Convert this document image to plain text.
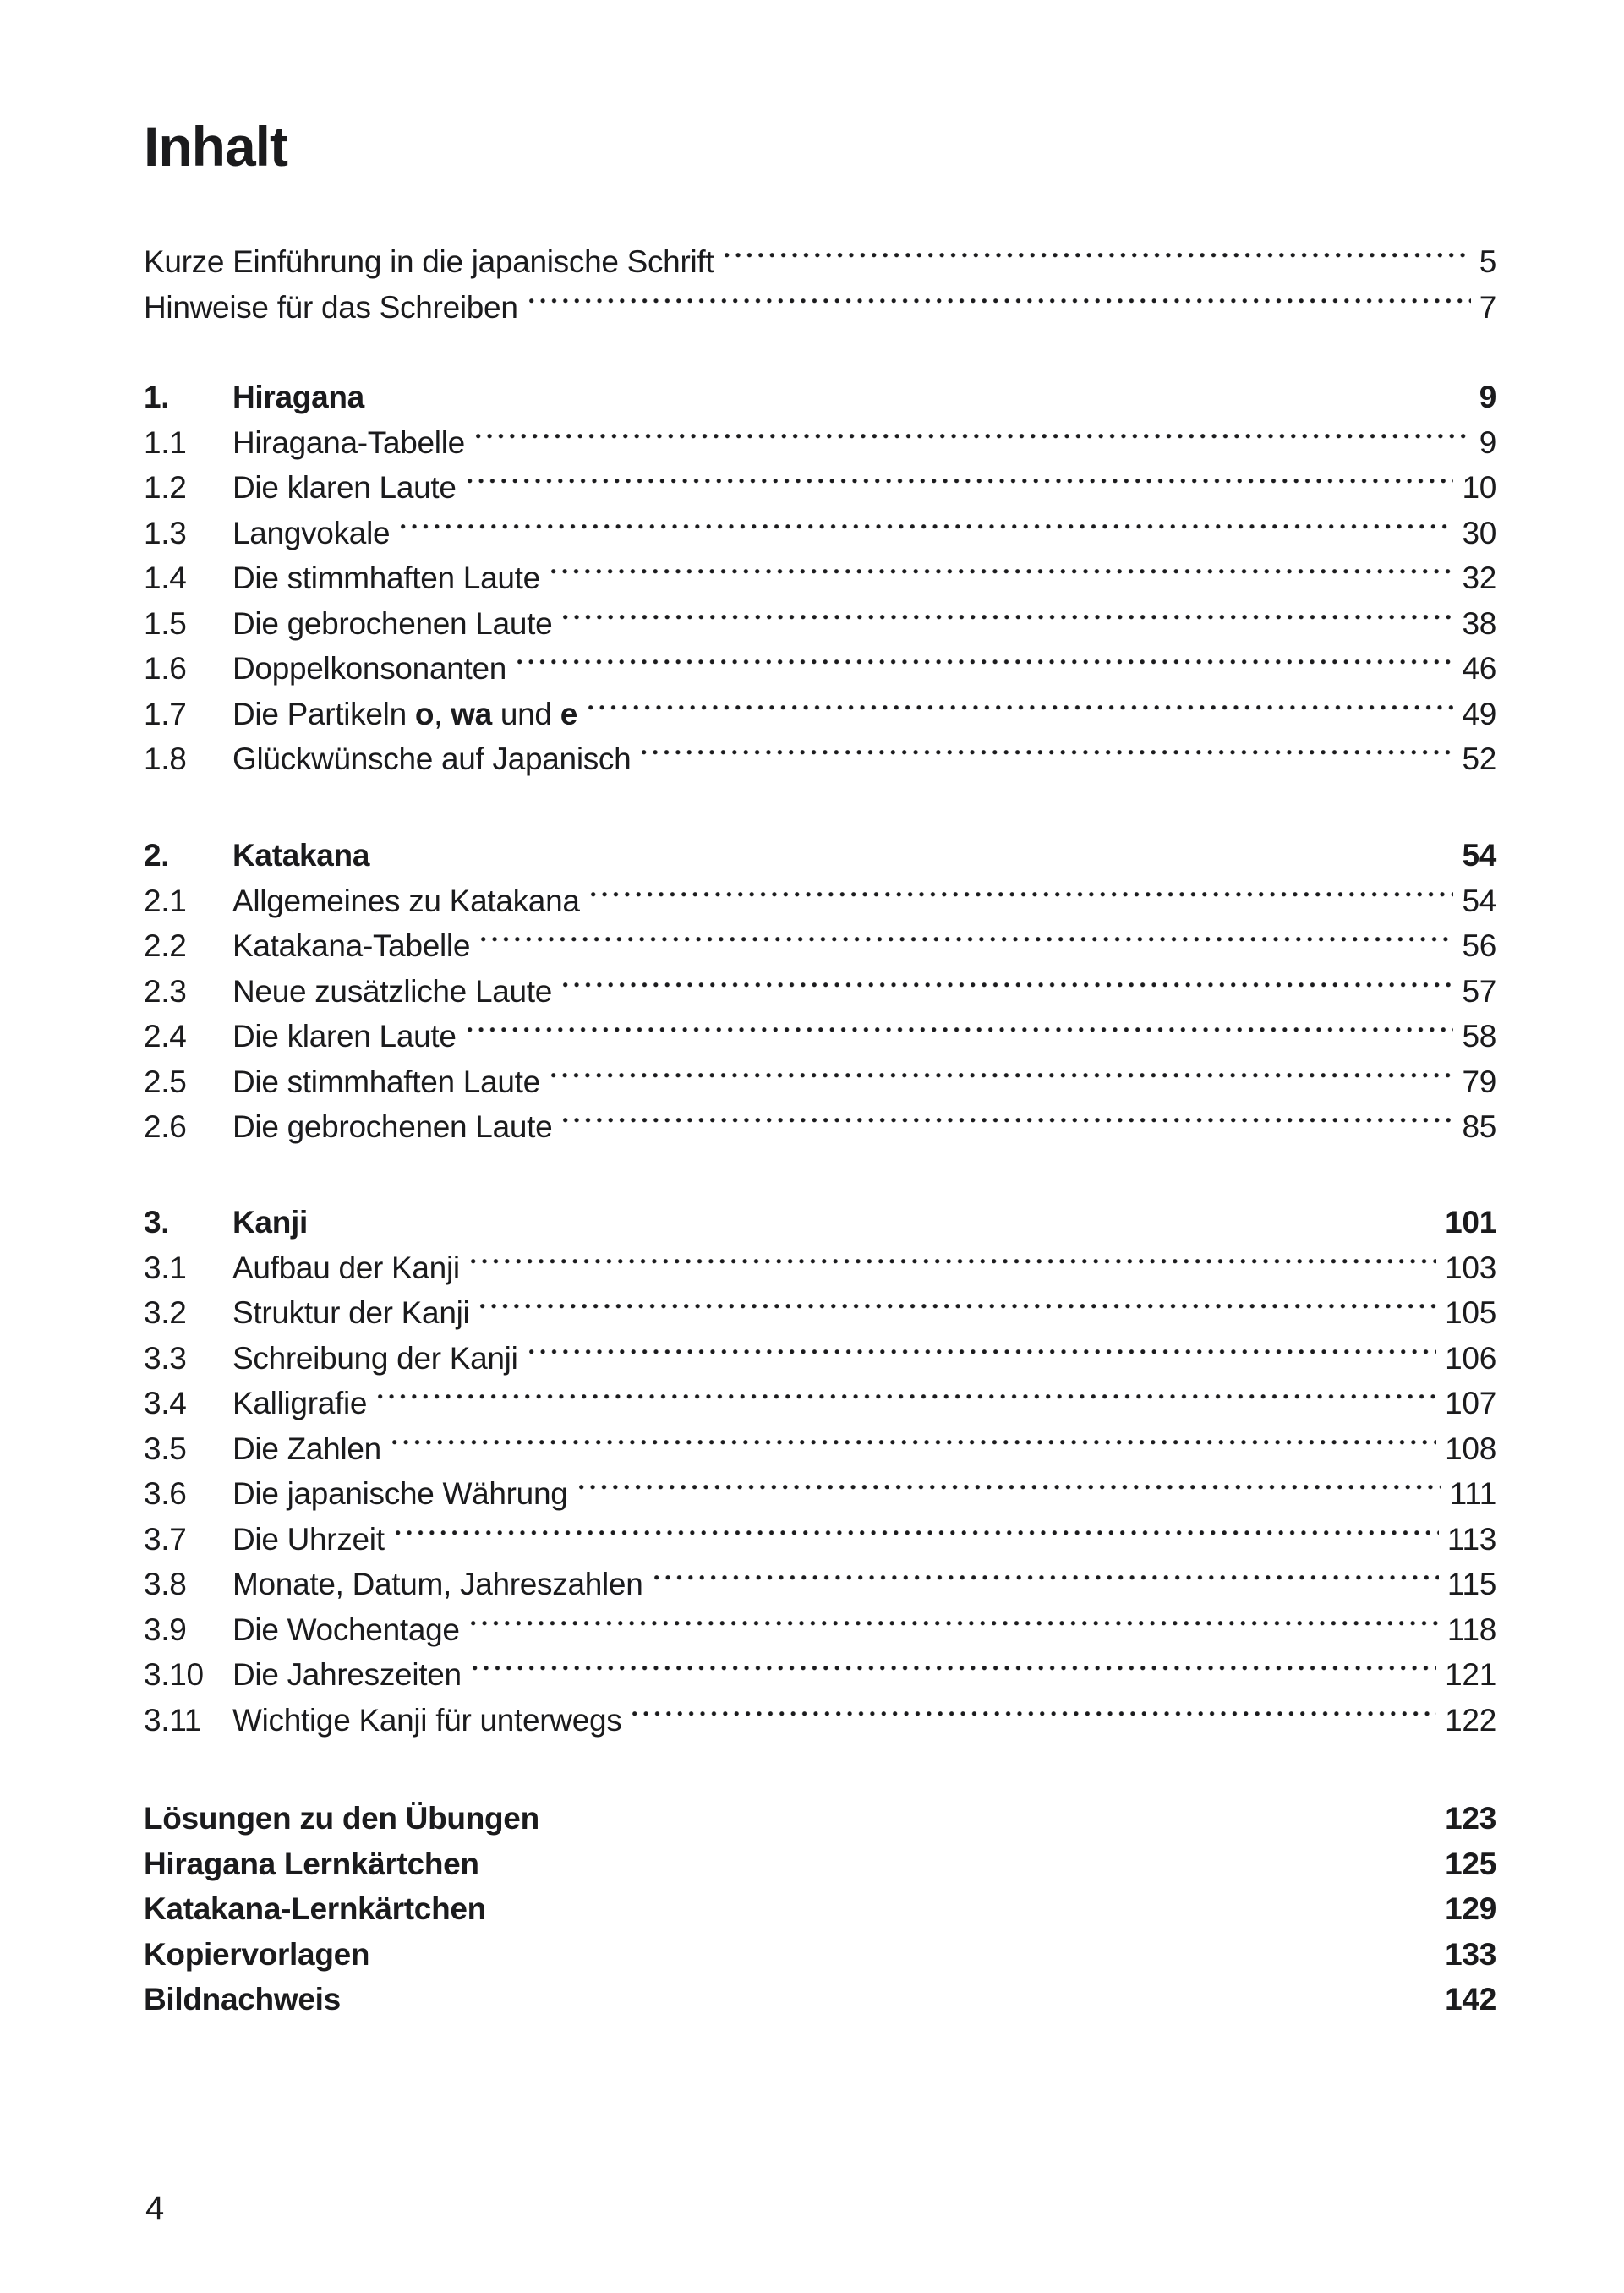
Inhalt
Kurze Einführung in die japanische Schrift	5
Hinweise für das Schreiben	7
1.	Hiragana	9
1.1	Hiragana-Tabelle	9
1.2	Die klaren Laute	10
1.3	Langvokale	30
1.4	Die stimmhaften Laute	32
1.5	Die gebrochenen Laute	38
1.6	Doppelkonsonanten	46
1.7	Die Partikeln o, wa und e	49
1.8	Glückwünsche auf Japanisch	52
2.	Katakana	54
2.1	Allgemeines zu Katakana	54
2.2	Katakana-Tabelle	56
2.3	Neue zusätzliche Laute	57
2.4	Die klaren Laute	58
2.5	Die stimmhaften Laute	79
2.6	Die gebrochenen Laute	85
3.	Kanji	101
3.1	Aufbau der Kanji	103
3.2	Struktur der Kanji	105
3.3	Schreibung der Kanji	106
3.4	Kalligrafie	107
3.5	Die Zahlen	108
3.6	Die japanische Währung	111
3.7	Die Uhrzeit	113
3.8	Monate, Datum, Jahreszahlen	115
3.9	Die Wochentage	118
3.10 Die Jahreszeiten	121
3.11 Wichtige Kanji für unterwegs	122
Lösungen zu den Übungen	123
Hiragana Lernkärtchen	125
Katakana-Lernkärtchen	129
Kopiervorlagen	133
Bildnachweis	142
4
